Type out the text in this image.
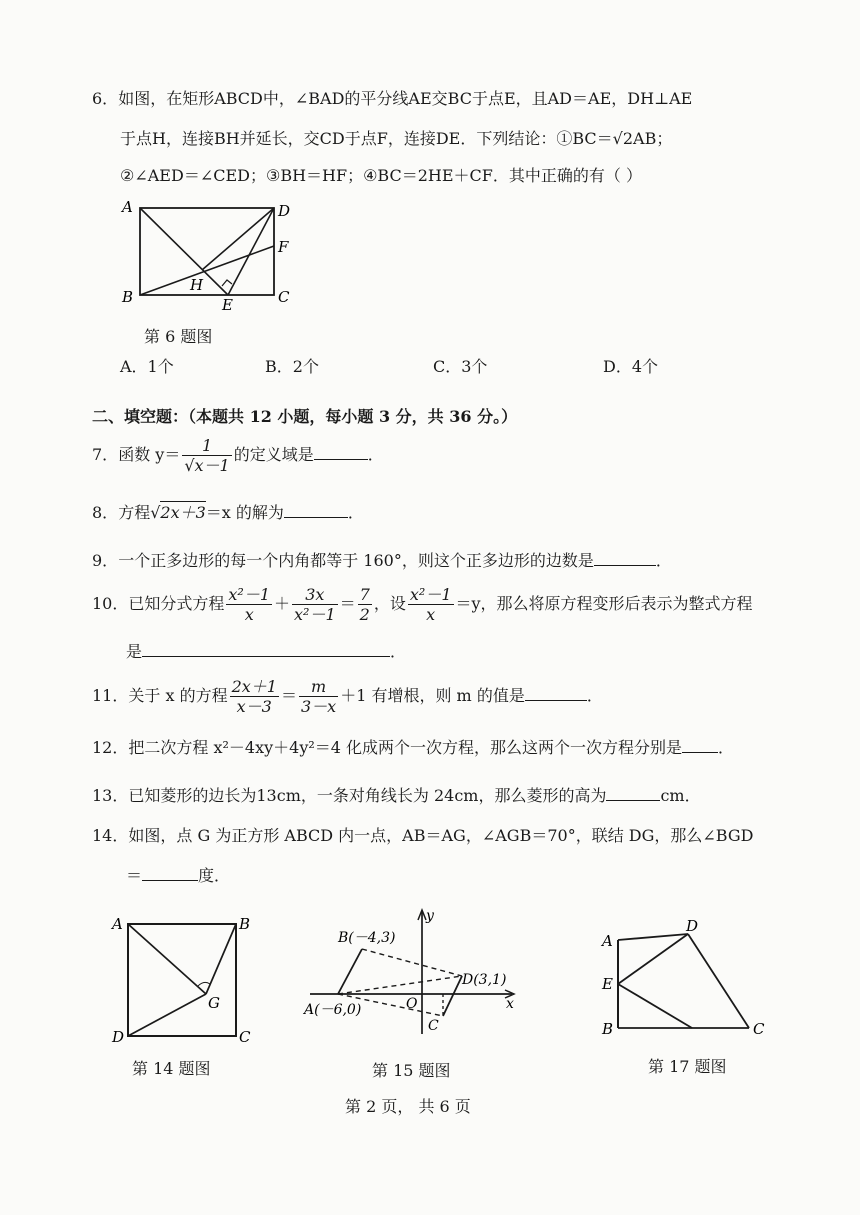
6．如图，在矩形ABCD中，∠BAD的平分线AE交BC于点E，且AD＝AE，DH⊥AE
于点H，连接BH并延长，交CD于点F，连接DE．下列结论：①BC＝√2AB；
②∠AED＝∠CED；③BH＝HF；④BC＝2HE＋CF．其中正确的有（ ）
A	D
F
H
B	E	C
第 6 题图
A．1个	B．2个	C．3个	D．4个
二、填空题：（本题共 12 小题，每小题 3 分，共 36 分。）
7．函数 $y= \frac{1}{√x-1}$ 的定义域是	．
8．方程√2x＋3＝x 的解为	．
9．一个正多边形的每一个内角都等于 160°，则这个正多边形的边数是	．
10．已知分式方程 $\frac{\text{x²－1}}{x} + \frac{3x}{\text{x²－1}} = \frac{7}{2}$ ，设 $\frac{\text{x²－1}}{x} =y$，那么将原方程变形后表示为整式方程
是	．
11．关于 x 的方程 $\frac{2x+1}{x-3} = \frac{m}{3-x} +1$ 有增根，则 m 的值是	．
12．把二次方程 x²－4xy＋4y²＝4 化成两个一次方程，那么这两个一次方程分别是 ．
13．已知菱形的边长为13cm，一条对角线长为 24cm，那么菱形的高为	cm．
14．如图，点 G 为正方形 ABCD 内一点，AB＝AG，∠AGB＝70°，联结 DG，那么∠BGD
＝	度．
A	B
G
D	C
第 14 题图
B(－4,3)
D(3,1)
A(－6,0)	O
C
x
y
第 15 题图
A
D
E
B	C
第 17 题图
第 2 页， 共 6 页
